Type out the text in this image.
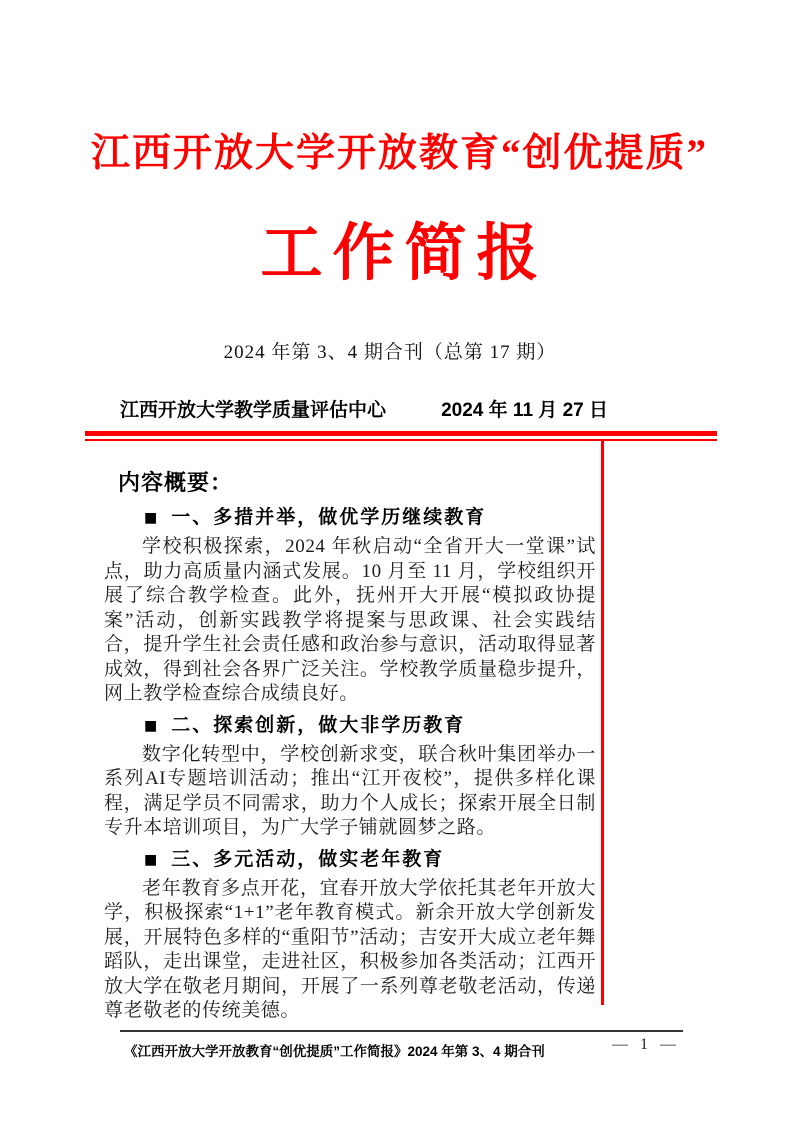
江西开放大学开放教育“创优提质”
工作简报
2024 年第 3、4 期合刊（总第 17 期）
江西开放大学教学质量评估中心	2024 年 11 月 27 日
内容概要：
■ 一、多措并举，做优学历继续教育

学校积极探索，2024 年秋启动“全省开大一堂课”试点，助力高质量内涵式发展。10 月至 11 月，学校组织开展了综合教学检查。此外，抚州开大开展“模拟政协提案”活动，创新实践教学将提案与思政课、社会实践结合，提升学生社会责任感和政治参与意识，活动取得显著成效，得到社会各界广泛关注。学校教学质量稳步提升，网上教学检查综合成绩良好。

■ 二、探索创新，做大非学历教育

数字化转型中，学校创新求变，联合秋叶集团举办一系列AI专题培训活动；推出“江开夜校”，提供多样化课程，满足学员不同需求，助力个人成长；探索开展全日制专升本培训项目，为广大学子铺就圆梦之路。

■ 三、多元活动，做实老年教育

老年教育多点开花，宜春开放大学依托其老年开放大学，积极探索“1+1”老年教育模式。新余开放大学创新发展，开展特色多样的“重阳节”活动；吉安开大成立老年舞蹈队，走出课堂，走进社区，积极参加各类活动；江西开放大学在敬老月期间，开展了一系列尊老敬老活动，传递尊老敬老的传统美德。

《江西开放大学开放教育“创优提质”工作简报》2024 年第 3、4 期合刊	— 1 —
